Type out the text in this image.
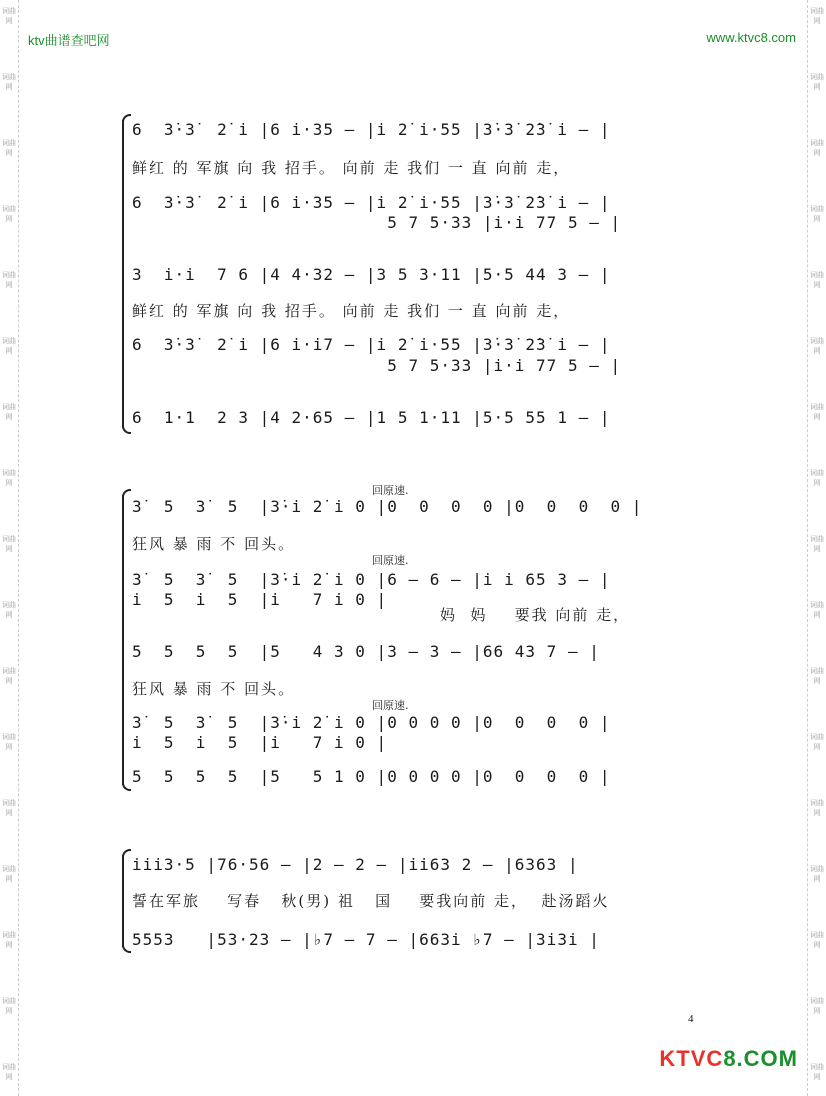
词曲网
词曲网
词曲网
词曲网
词曲网
词曲网
词曲网
词曲网
词曲网
词曲网
词曲网
词曲网
词曲网
词曲网
词曲网
词曲网
词曲网
词曲网
词曲网
词曲网
词曲网
词曲网
词曲网
词曲网
词曲网
词曲网
词曲网
词曲网
词曲网
词曲网
词曲网
词曲网
词曲网
词曲网
ktv曲谱查吧网	www.ktvc8.com
6  3̇·3̇  2̇ i |6 i·35 — |i 2̇ i·55 |3̇·3̇ 2̇3̇ i — |
鲜红 的 军旗 向 我 招手。 向前 走 我们 一 直 向前 走，
6  3̇·3̇  2̇ i |6 i·35 — |i 2̇ i·55 |3̇·3̇ 2̇3̇ i — |
5 7 5·33 |i·i 77 5 — |
3  i·i  7 6 |4 4·32 — |3 5 3·11 |5·5 44 3 — |
鲜红 的 军旗 向 我 招手。 向前 走 我们 一 直 向前 走，
6  3̇·3̇  2̇ i |6 i·i7 — |i 2̇ i·55 |3̇·3̇ 2̇3̇ i — |
5 7 5·33 |i·i 77 5 — |
6  1·1  2 3 |4 2·65 — |1 5 1·11 |5·5 55 1 — |
回原速.
3̇  5  3̇  5  |3̇·i 2̇ i 0 |0  0  0  0 |0  0  0  0 |
狂风 暴 雨 不 回头。
回原速.
3̇  5  3̇  5  |3̇·i 2̇ i 0 |6 — 6 — |i i 65 3 — |
i  5  i  5  |i   7 i 0 |
妈  妈    要我 向前 走，
5  5  5  5  |5   4 3 0 |3 — 3 — |66 43 7 — |
狂风 暴 雨 不 回头。
回原速.
3̇  5  3̇  5  |3̇·i 2̇ i 0 |0 0 0 0 |0  0  0  0 |
i  5  i  5  |i   7 i 0 |
5  5  5  5  |5   5 1 0 |0 0 0 0 |0  0  0  0 |
iii3·5 |76·56 — |2 — 2 — |ii63 2 — |6363 |
誓在军旅    写春   秋(男) 祖   国    要我向前 走，  赴汤蹈火
5553   |53·23 — |♭7 — 7 — |663i ♭7 — |3i3i |
4
KTVC8.COM
